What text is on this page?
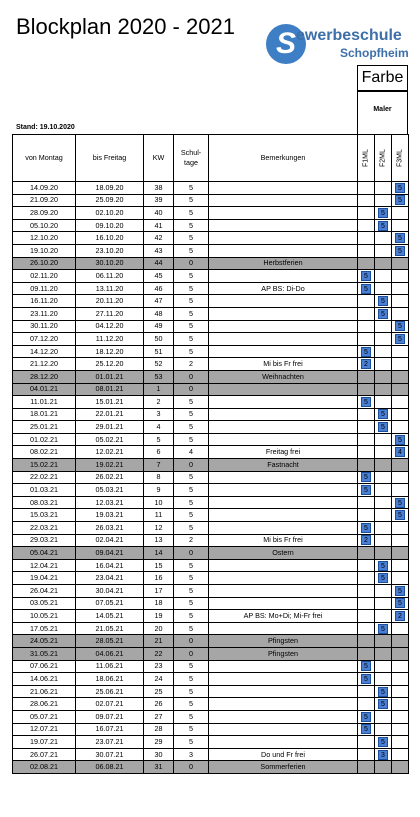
Blockplan 2020 - 2021
S ewerbeschule
Schopfheim
Farbe
Maler
Stand: 19.10.2020
von Montag	bis Freitag	KW	Schul-tage	Bemerkungen	F1ML	F2ML	F3ML
14.09.20	18.09.20	38	5				5
21.09.20	25.09.20	39	5				5
28.09.20	02.10.20	40	5			5	
05.10.20	09.10.20	41	5			5	
12.10.20	16.10.20	42	5				5
19.10.20	23.10.20	43	5				5
26.10.20	30.10.20	44	0	Herbstferien			
02.11.20	06.11.20	45	5		5		
09.11.20	13.11.20	46	5	AP BS: Di-Do	5		
16.11.20	20.11.20	47	5			5	
23.11.20	27.11.20	48	5			5	
30.11.20	04.12.20	49	5				5
07.12.20	11.12.20	50	5				5
14.12.20	18.12.20	51	5		5		
21.12.20	25.12.20	52	2	Mi bis Fr frei	2		
28.12.20	01.01.21	53	0	Weihnachten			
04.01.21	08.01.21	1	0				
11.01.21	15.01.21	2	5		5		
18.01.21	22.01.21	3	5			5	
25.01.21	29.01.21	4	5			5	
01.02.21	05.02.21	5	5				5
08.02.21	12.02.21	6	4	Freitag frei			4
15.02.21	19.02.21	7	0	Fastnacht			
22.02.21	26.02.21	8	5		5		
01.03.21	05.03.21	9	5		5		
08.03.21	12.03.21	10	5				5
15.03.21	19.03.21	11	5				5
22.03.21	26.03.21	12	5		5		
29.03.21	02.04.21	13	2	Mi bis Fr frei	2		
05.04.21	09.04.21	14	0	Ostern			
12.04.21	16.04.21	15	5			5	
19.04.21	23.04.21	16	5			5	
26.04.21	30.04.21	17	5				5
03.05.21	07.05.21	18	5				5
10.05.21	14.05.21	19	5	AP BS: Mo+Di; Mi-Fr frei			2
17.05.21	21.05.21	20	5			5	
24.05.21	28.05.21	21	0	Pfingsten			
31.05.21	04.06.21	22	0	Pfingsten			
07.06.21	11.06.21	23	5		5		
14.06.21	18.06.21	24	5		5		
21.06.21	25.06.21	25	5			5	
28.06.21	02.07.21	26	5			5	
05.07.21	09.07.21	27	5		5		
12.07.21	16.07.21	28	5		5		
19.07.21	23.07.21	29	5			5	
26.07.21	30.07.21	30	3	Do und Fr frei		3	
02.08.21	06.08.21	31	0	Sommerferien			
